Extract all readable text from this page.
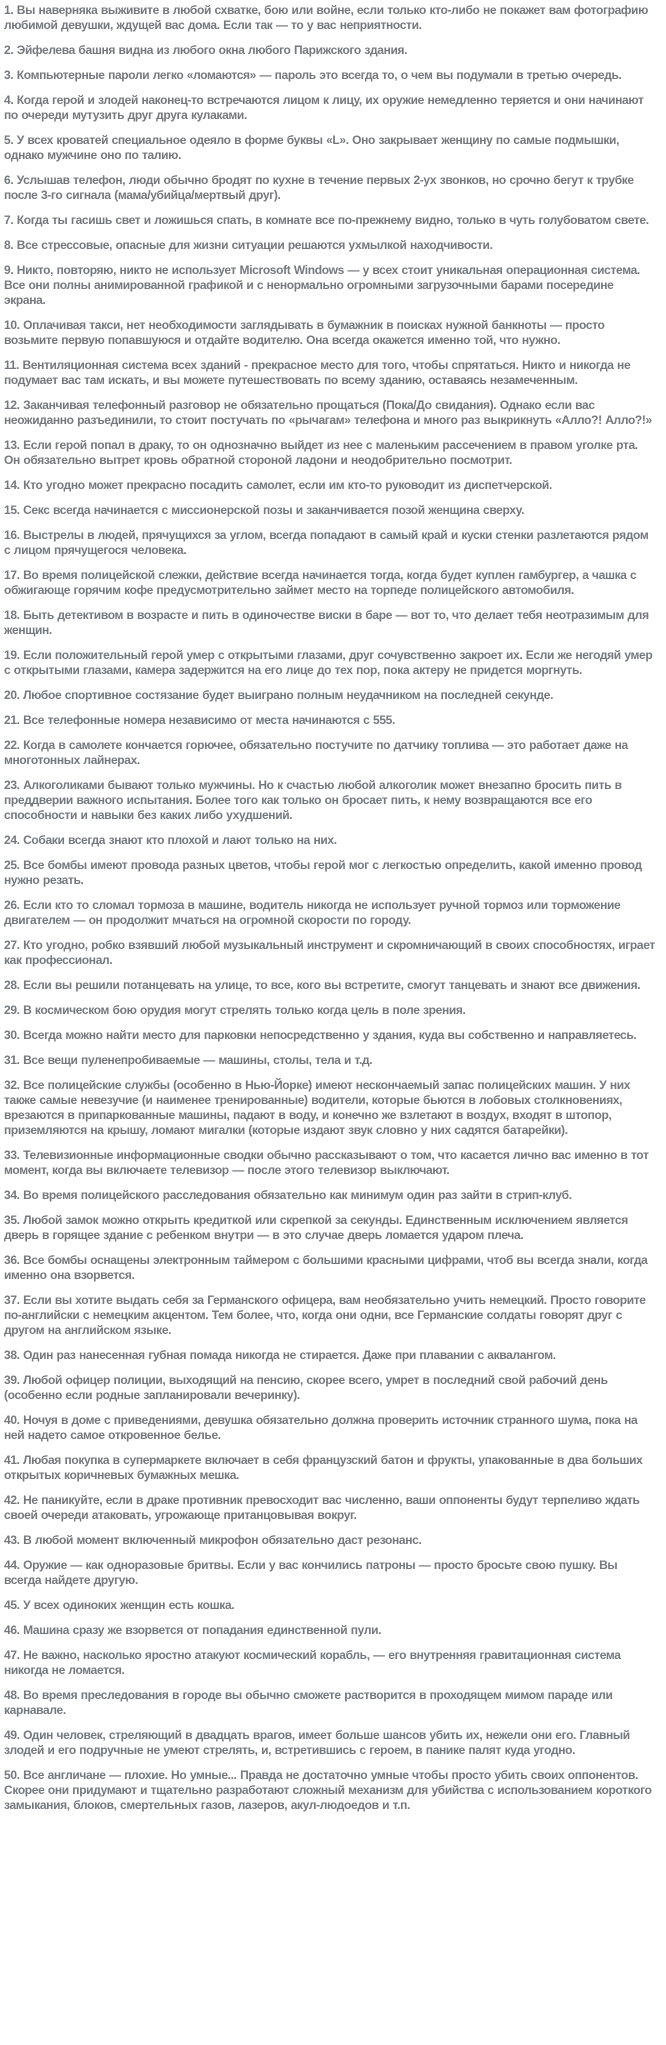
1. Вы наверняка выживите в любой схватке, бою или войне, если только кто-либо не покажет вам фотографию любимой девушки, ждущей вас дома. Если так — то у вас неприятности.

2. Эйфелева башня видна из любого окна любого Парижского здания.

3. Компьютерные пароли легко «ломаются» — пароль это всегда то, о чем вы подумали в третью очередь.

4. Когда герой и злодей наконец-то встречаются лицом к лицу, их оружие немедленно теряется и они начинают по очереди мутузить друг друга кулаками.

5. У всех кроватей специальное одеяло в форме буквы «L». Оно закрывает женщину по самые подмышки, однако мужчине оно по талию.

6. Услышав телефон, люди обычно бродят по кухне в течение первых 2-ух звонков, но срочно бегут к трубке после 3-го сигнала (мама/убийца/мертвый друг).

7. Когда ты гасишь свет и ложишься спать, в комнате все по-прежнему видно, только в чуть голубоватом свете.

8. Все стрессовые, опасные для жизни ситуации решаются ухмылкой находчивости.

9. Никто, повторяю, никто не использует Microsoft Windows — у всех стоит уникальная операционная система. Все они полны анимированной графикой и с ненормально огромными загрузочными барами посередине экрана.

10. Оплачивая такси, нет необходимости заглядывать в бумажник в поисках нужной банкноты — просто возьмите первую попавшуюся и отдайте водителю. Она всегда окажется именно той, что нужно.

11. Вентиляционная система всех зданий - прекрасное место для того, чтобы спрятаться. Никто и никогда не подумает вас там искать, и вы можете путешествовать по всему зданию, оставаясь незамеченным.

12. Заканчивая телефонный разговор не обязательно прощаться (Пока/До свидания). Однако если вас неожиданно разъединили, то стоит постучать по «рычагам» телефона и много раз выкрикнуть «Алло?! Алло?!»

13. Если герой попал в драку, то он однозначно выйдет из нее с маленьким рассечением в правом уголке рта. Он обязательно вытрет кровь обратной стороной ладони и неодобрительно посмотрит.

14. Кто угодно может прекрасно посадить самолет, если им кто-то руководит из диспетчерской.

15. Секс всегда начинается с миссионерской позы и заканчивается позой женщина сверху.

16. Выстрелы в людей, прячущихся за углом, всегда попадают в самый край и куски стенки разлетаются рядом с лицом прячущегося человека.

17. Во время полицейской слежки, действие всегда начинается тогда, когда будет куплен гамбургер, а чашка с обжигающе горячим кофе предусмотрительно займет место на торпеде полицейского автомобиля.

18. Быть детективом в возрасте и пить в одиночестве виски в баре — вот то, что делает тебя неотразимым для женщин.

19. Если положительный герой умер с открытыми глазами, друг сочувственно закроет их. Если же негодяй умер с открытыми глазами, камера задержится на его лице до тех пор, пока актеру не придется моргнуть.

20. Любое спортивное состязание будет выиграно полным неудачником на последней секунде.

21. Все телефонные номера независимо от места начинаются с 555.

22. Когда в самолете кончается горючее, обязательно постучите по датчику топлива — это работает даже на многотонных лайнерах.

23. Алкоголиками бывают только мужчины. Но к счастью любой алкоголик может внезапно бросить пить в преддверии важного испытания. Более того как только он бросает пить, к нему возвращаются все его способности и навыки без каких либо ухудшений.

24. Собаки всегда знают кто плохой и лают только на них.

25. Все бомбы имеют провода разных цветов, чтобы герой мог с легкостью определить, какой именно провод нужно резать.

26. Если кто то сломал тормоза в машине, водитель никогда не использует ручной тормоз или торможение двигателем — он продолжит мчаться на огромной скорости по городу.

27. Кто угодно, робко взявший любой музыкальный инструмент и скромничающий в своих способностях, играет как профессионал.

28. Если вы решили потанцевать на улице, то все, кого вы встретите, смогут танцевать и знают все движения.

29. В космическом бою орудия могут стрелять только когда цель в поле зрения.

30. Всегда можно найти место для парковки непосредственно у здания, куда вы собственно и направляетесь.

31. Все вещи пуленепробиваемые — машины, столы, тела и т.д.

32. Все полицейские службы (особенно в Нью-Йорке) имеют нескончаемый запас полицейских машин. У них также самые невезучие (и наименее тренированные) водители, которые бьются в лобовых столкновениях, врезаются в припаркованные машины, падают в воду, и конечно же взлетают в воздух, входят в штопор, приземляются на крышу, ломают мигалки (которые издают звук словно у них садятся батарейки).

33. Телевизионные информационные сводки обычно рассказывают о том, что касается лично вас именно в тот момент, когда вы включаете телевизор — после этого телевизор выключают.

34. Во время полицейского расследования обязательно как минимум один раз зайти в стрип-клуб.

35. Любой замок можно открыть кредиткой или скрепкой за секунды. Единственным исключением является дверь в горящее здание с ребенком внутри — в это случае дверь ломается ударом плеча.

36. Все бомбы оснащены электронным таймером с большими красными цифрами, чтоб вы всегда знали, когда именно она взорвется.

37. Если вы хотите выдать себя за Германского офицера, вам необязательно учить немецкий. Просто говорите по-английски с немецким акцентом. Тем более, что, когда они одни, все Германские солдаты говорят друг с другом на английском языке.

38. Один раз нанесенная губная помада никогда не стирается. Даже при плавании с аквалангом.

39. Любой офицер полиции, выходящий на пенсию, скорее всего, умрет в последний свой рабочий день (особенно если родные запланировали вечеринку).

40. Ночуя в доме с приведениями, девушка обязательно должна проверить источник странного шума, пока на ней надето самое откровенное белье.

41. Любая покупка в супермаркете включает в себя французский батон и фрукты, упакованные в два больших открытых коричневых бумажных мешка.

42. Не паникуйте, если в драке противник превосходит вас численно, ваши оппоненты будут терпеливо ждать своей очереди атаковать, угрожающе пританцовывая вокруг.

43. В любой момент включенный микрофон обязательно даст резонанс.

44. Оружие — как одноразовые бритвы. Если у вас кончились патроны — просто бросьте свою пушку. Вы всегда найдете другую.

45. У всех одиноких женщин есть кошка.

46. Машина сразу же взорвется от попадания единственной пули.

47. Не важно, насколько яростно атакуют космический корабль, — его внутренняя гравитационная система никогда не ломается.

48. Во время преследования в городе вы обычно сможете растворится в проходящем мимом параде или карнавале.

49. Один человек, стреляющий в двадцать врагов, имеет больше шансов убить их, нежели они его. Главный злодей и его подручные не умеют стрелять, и, встретившись с героем, в панике палят куда угодно.

50. Все англичане — плохие. Но умные... Правда не достаточно умные чтобы просто убить своих оппонентов. Скорее они придумают и тщательно разработают сложный механизм для убийства с использованием короткого замыкания, блоков, смертельных газов, лазеров, акул-людоедов и т.п.
